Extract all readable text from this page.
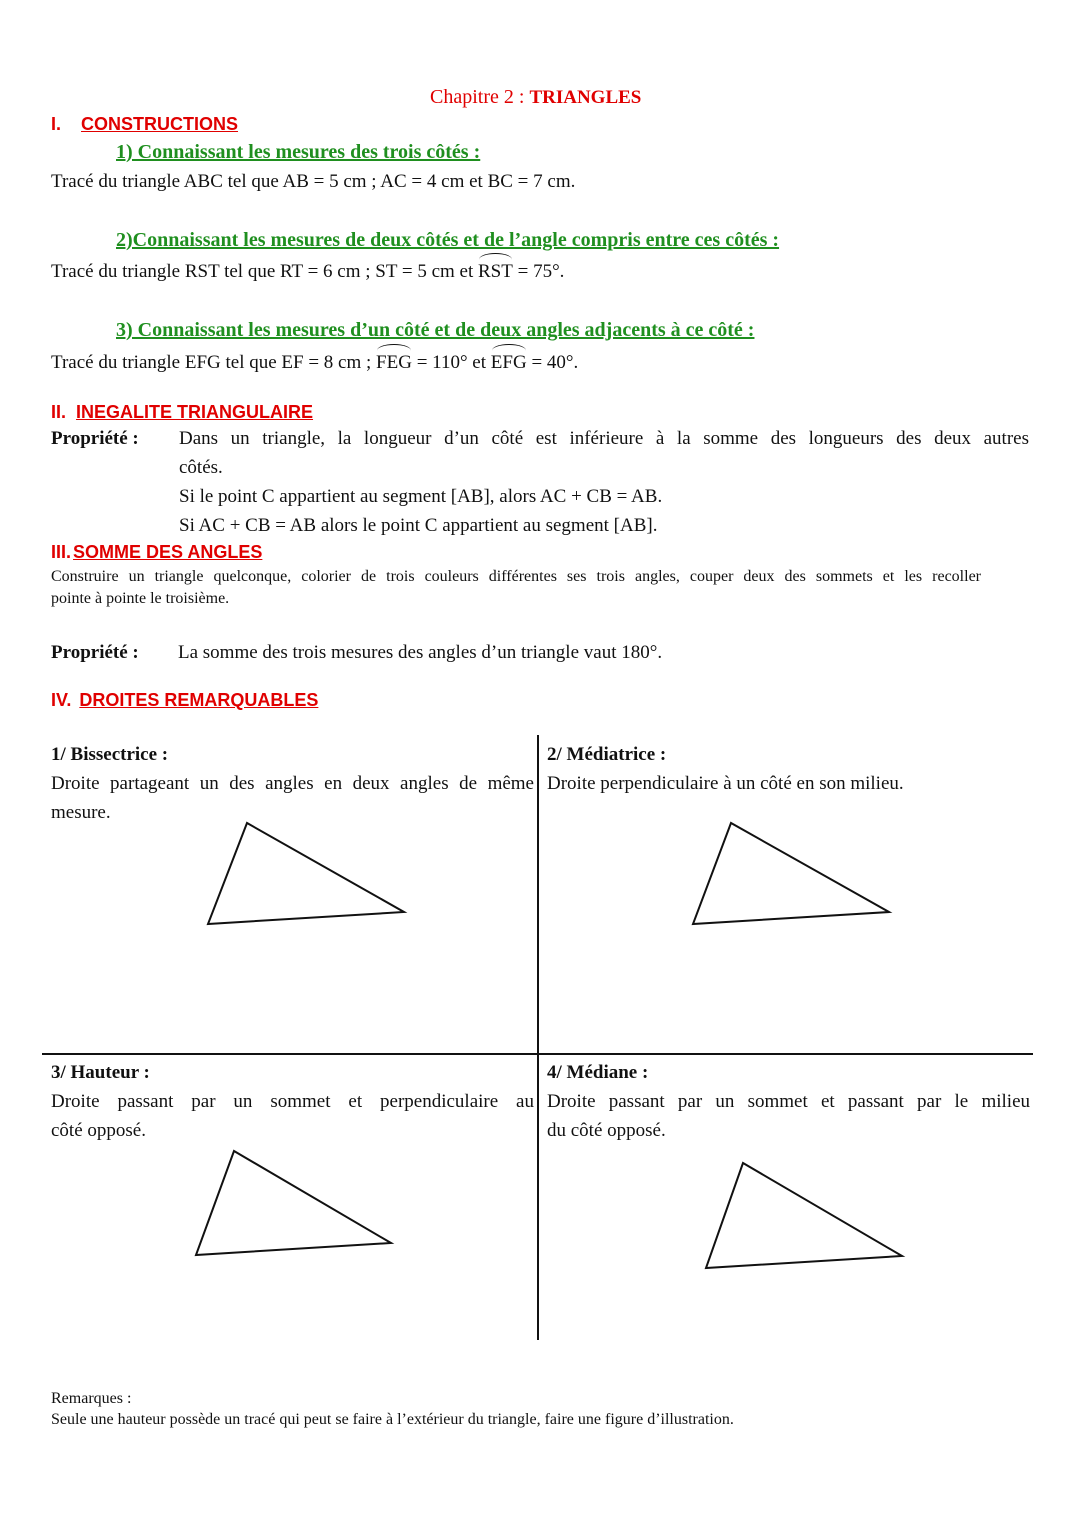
Chapitre 2 : TRIANGLES
I. CONSTRUCTIONS
1) Connaissant les mesures des trois côtés :
Tracé du triangle ABC tel que AB = 5 cm ; AC = 4 cm et BC = 7 cm.
2)Connaissant les mesures de deux côtés et de l’angle compris entre ces côtés :
Tracé du triangle RST tel que RT = 6 cm ; ST = 5 cm et RST = 75°.
3) Connaissant les mesures d’un côté et de deux angles adjacents à ce côté :
Tracé du triangle EFG tel que EF = 8 cm ; FEG = 110° et EFG = 40°.
II. INEGALITE TRIANGULAIRE
Propriété : Dans un triangle, la longueur d’un côté est inférieure à la somme des longueurs des deux autres
côtés.
Si le point C appartient au segment [AB], alors AC + CB = AB.
Si AC + CB = AB alors le point C appartient au segment [AB].
III. SOMME DES ANGLES
Construire un triangle quelconque, colorier de trois couleurs différentes ses trois angles, couper deux des sommets et les recoller
pointe à pointe le troisième.
Propriété : La somme des trois mesures des angles d’un triangle vaut 180°.
IV. DROITES REMARQUABLES
1/ Bissectrice :
Droite partageant un des angles en deux angles de même
mesure.
2/ Médiatrice :
Droite perpendiculaire à un côté en son milieu.
3/ Hauteur :
Droite passant par un sommet et perpendiculaire au
côté opposé.
4/ Médiane :
Droite passant par un sommet et passant par le milieu
du côté opposé.
Remarques :
Seule une hauteur possède un tracé qui peut se faire à l’extérieur du triangle, faire une figure d’illustration.
